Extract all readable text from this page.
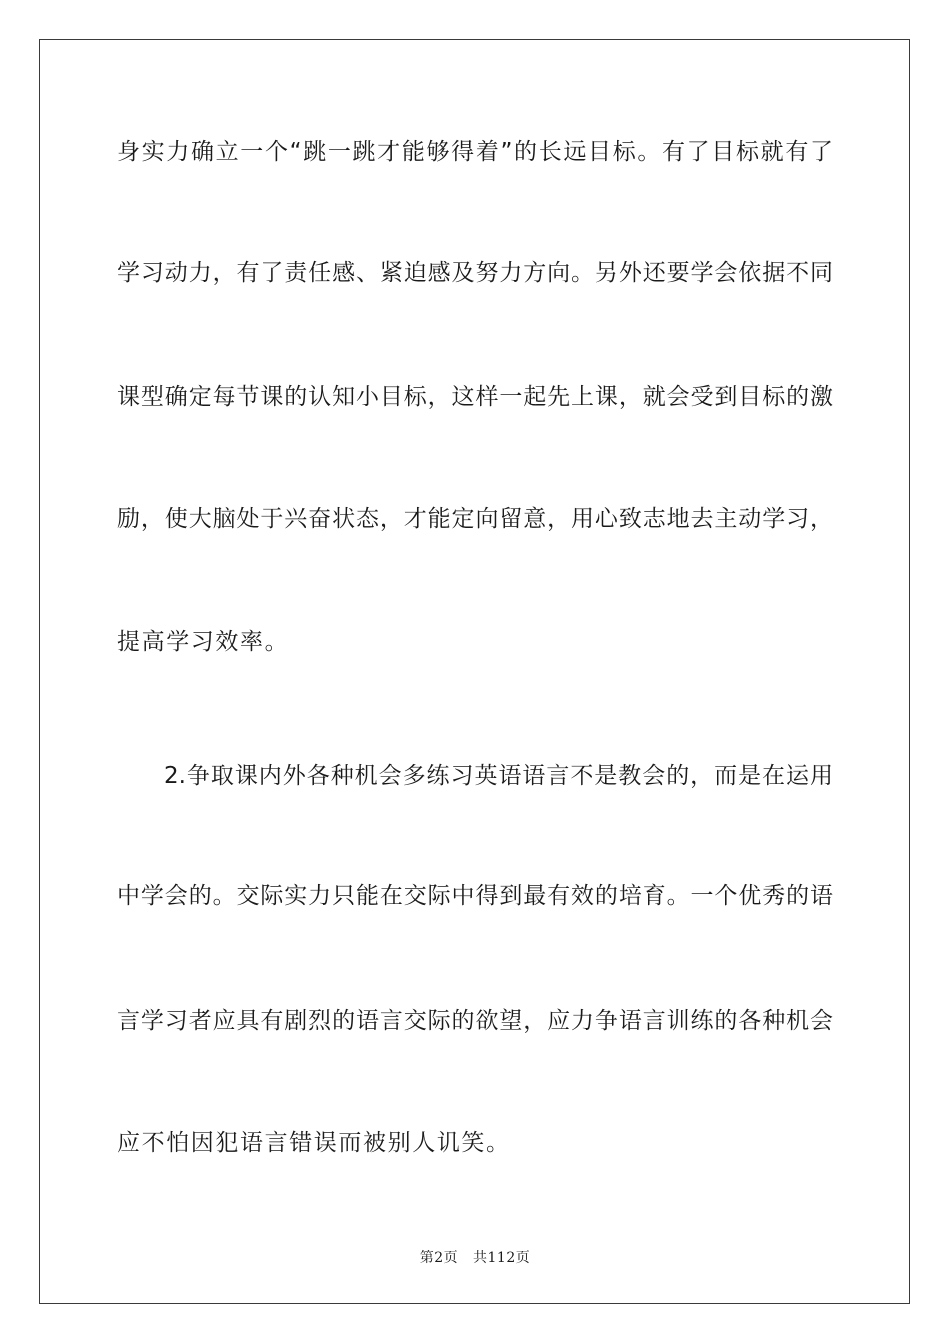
身实力确立一个“跳一跳才能够得着”的长远目标。有了目标就有了
学习动力，有了责任感、紧迫感及努力方向。另外还要学会依据不同
课型确定每节课的认知小目标，这样一起先上课，就会受到目标的激
励，使大脑处于兴奋状态，才能定向留意，用心致志地去主动学习，
提高学习效率。
2.争取课内外各种机会多练习英语语言不是教会的，而是在运用
中学会的。交际实力只能在交际中得到最有效的培育。一个优秀的语
言学习者应具有剧烈的语言交际的欲望，应力争语言训练的各种机会
应不怕因犯语言错误而被别人讥笑。
第2页 共112页
